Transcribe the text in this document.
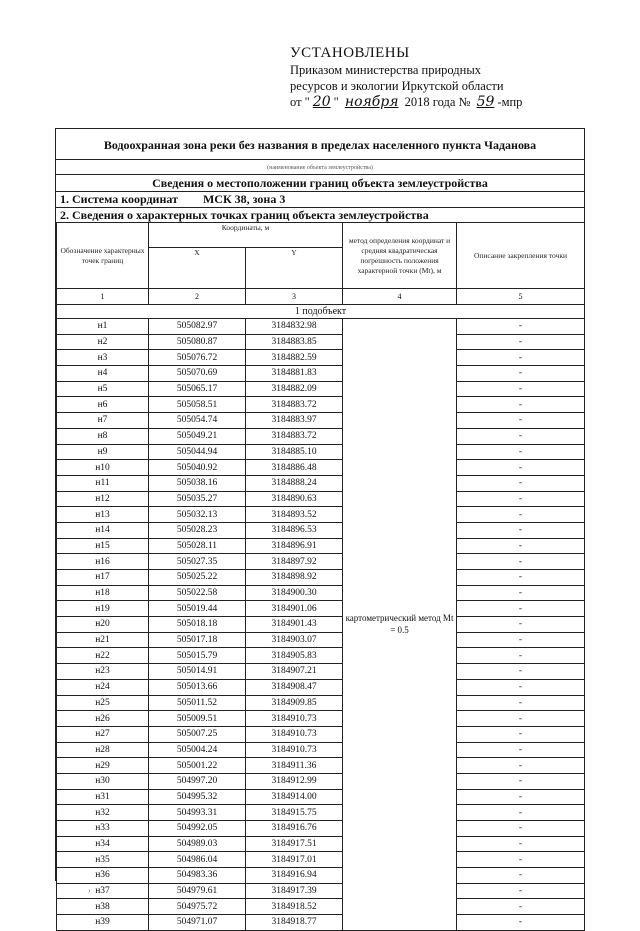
УСТАНОВЛЕНЫ
Приказом министерства природных
ресурсов и экологии Иркутской области
от " 20 " ноября 2018 года № 59 -мпр
Водоохранная зона реки без названия в пределах населенного пункта Чаданова
(наименование объекта землеустройства)
Сведения о местоположении границ объекта землеустройства
1. Система координат МСК 38, зона 3
2. Сведения о характерных точках границ объекта землеустройства
Обозначение характерных точек границ	Координаты, м		метод определения координат и средняя квадратическая погрешность положения характерной точки (Mt), м	Описание закрепления точки
	X	Y		
1	2	3	4	5
1 подобъект				
н1	505082.97	3184832.98	картометрический метод Mt = 0.5	-
н2	505080.87	3184883.85		-
н3	505076.72	3184882.59		-
н4	505070.69	3184881.83		-
н5	505065.17	3184882.09		-
н6	505058.51	3184883.72		-
н7	505054.74	3184883.97		-
н8	505049.21	3184883.72		-
н9	505044.94	3184885.10		-
н10	505040.92	3184886.48		-
н11	505038.16	3184888.24		-
н12	505035.27	3184890.63		-
н13	505032.13	3184893.52		-
н14	505028.23	3184896.53		-
н15	505028.11	3184896.91		-
н16	505027.35	3184897.92		-
н17	505025.22	3184898.92		-
н18	505022.58	3184900.30		-
н19	505019.44	3184901.06		-
н20	505018.18	3184901.43		-
н21	505017.18	3184903.07		-
н22	505015.79	3184905.83		-
н23	505014.91	3184907.21		-
н24	505013.66	3184908.47		-
н25	505011.52	3184909.85		-
н26	505009.51	3184910.73		-
н27	505007.25	3184910.73		-
н28	505004.24	3184910.73		-
н29	505001.22	3184911.36		-
н30	504997.20	3184912.99		-
н31	504995.32	3184914.00		-
н32	504993.31	3184915.75		-
н33	504992.05	3184916.76		-
н34	504989.03	3184917.51		-
н35	504986.04	3184917.01		-
н36	504983.36	3184916.94		-
н37	504979.61	3184917.39		-
н38	504975.72	3184918.52		-
н39	504971.07	3184918.77		-
›
